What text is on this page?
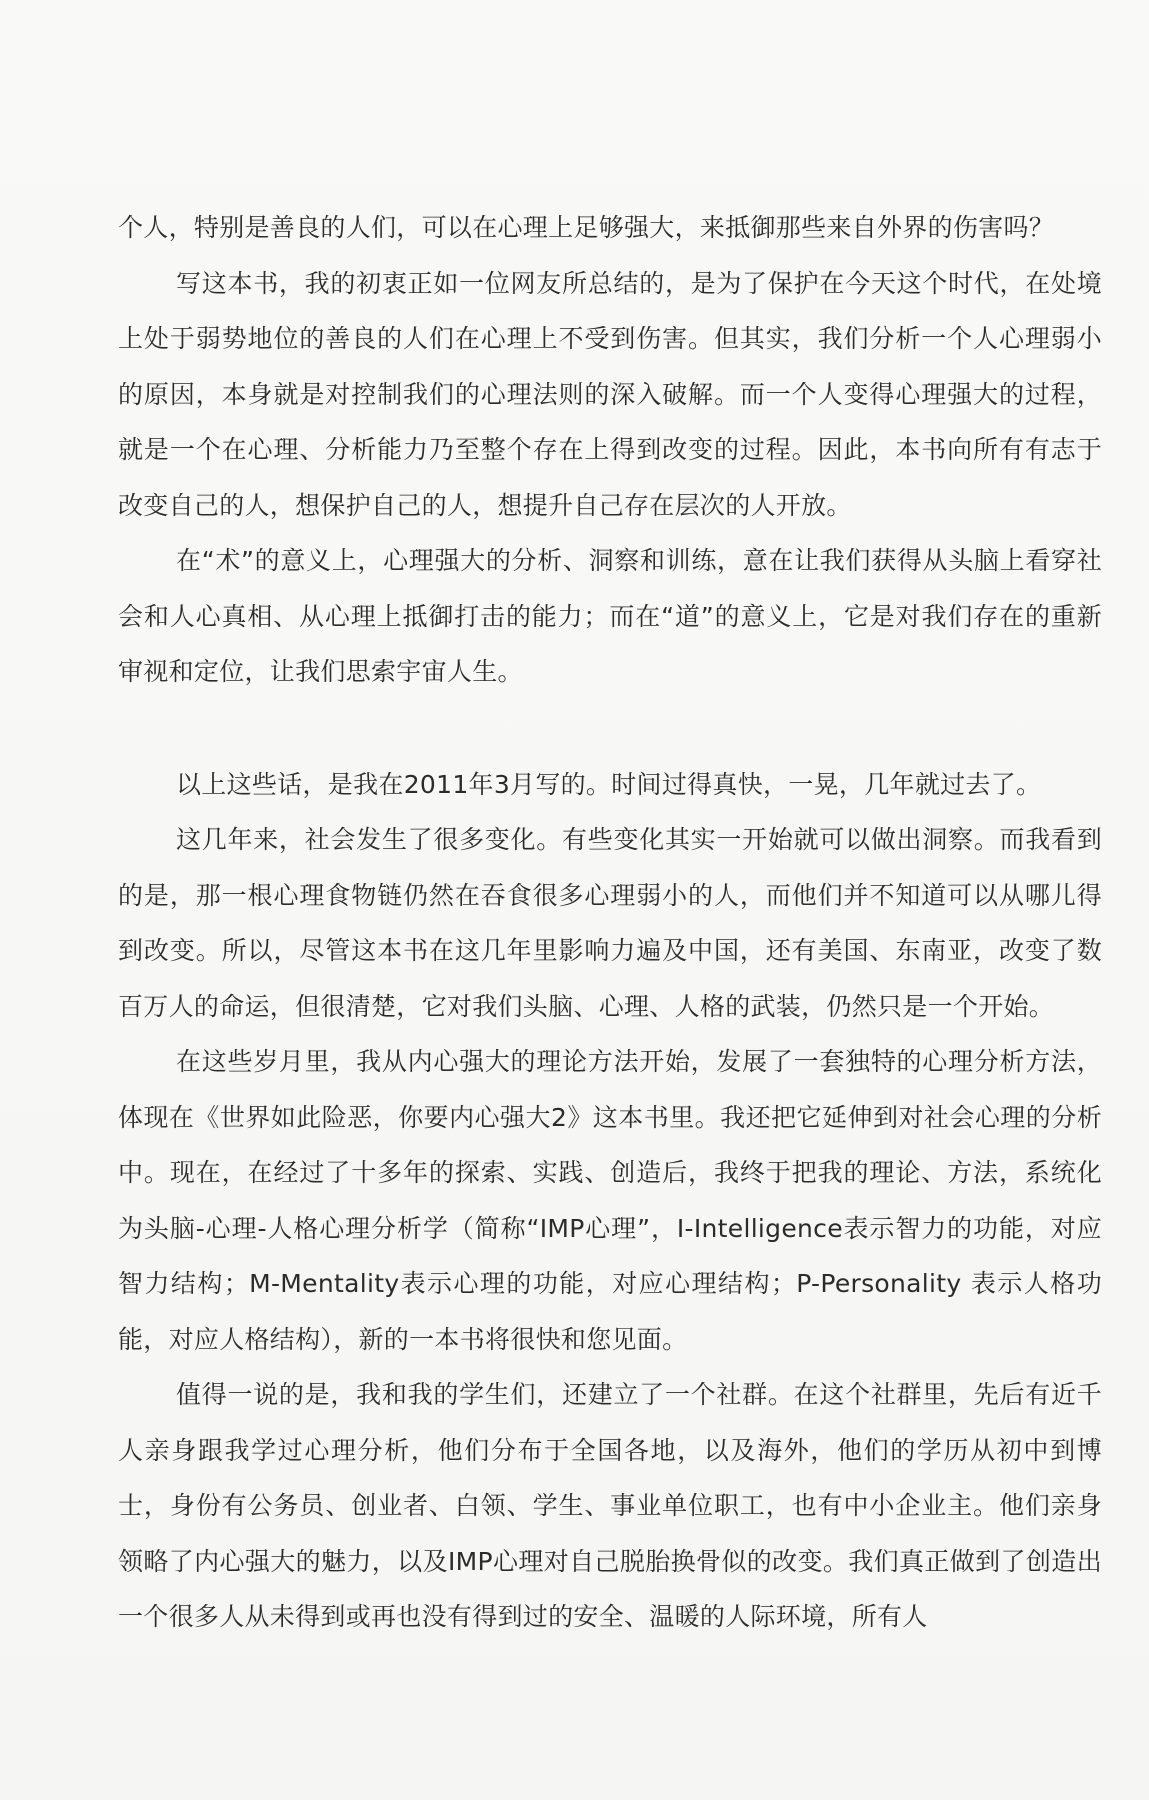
个人，特别是善良的人们，可以在心理上足够强大，来抵御那些来自外界的伤害吗？

写这本书，我的初衷正如一位网友所总结的，是为了保护在今天这个时代，在处境上处于弱势地位的善良的人们在心理上不受到伤害。但其实，我们分析一个人心理弱小的原因，本身就是对控制我们的心理法则的深入破解。而一个人变得心理强大的过程，就是一个在心理、分析能力乃至整个存在上得到改变的过程。因此，本书向所有有志于改变自己的人，想保护自己的人，想提升自己存在层次的人开放。

在“术”的意义上，心理强大的分析、洞察和训练，意在让我们获得从头脑上看穿社会和人心真相、从心理上抵御打击的能力；而在“道”的意义上，它是对我们存在的重新审视和定位，让我们思索宇宙人生。

以上这些话，是我在2011年3月写的。时间过得真快，一晃，几年就过去了。

这几年来，社会发生了很多变化。有些变化其实一开始就可以做出洞察。而我看到的是，那一根心理食物链仍然在吞食很多心理弱小的人，而他们并不知道可以从哪儿得到改变。所以，尽管这本书在这几年里影响力遍及中国，还有美国、东南亚，改变了数百万人的命运，但很清楚，它对我们头脑、心理、人格的武装，仍然只是一个开始。

在这些岁月里，我从内心强大的理论方法开始，发展了一套独特的心理分析方法，体现在《世界如此险恶，你要内心强大2》这本书里。我还把它延伸到对社会心理的分析中。现在，在经过了十多年的探索、实践、创造后，我终于把我的理论、方法，系统化为头脑-心理-人格心理分析学（简称“IMP心理”，I-Intelligence表示智力的功能，对应智力结构；M-Mentality表示心理的功能，对应心理结构；P-Personality 表示人格功能，对应人格结构），新的一本书将很快和您见面。

值得一说的是，我和我的学生们，还建立了一个社群。在这个社群里，先后有近千人亲身跟我学过心理分析，他们分布于全国各地，以及海外，他们的学历从初中到博士，身份有公务员、创业者、白领、学生、事业单位职工，也有中小企业主。他们亲身领略了内心强大的魅力，以及IMP心理对自己脱胎换骨似的改变。我们真正做到了创造出一个很多人从未得到或再也没有得到过的安全、温暖的人际环境，所有人
